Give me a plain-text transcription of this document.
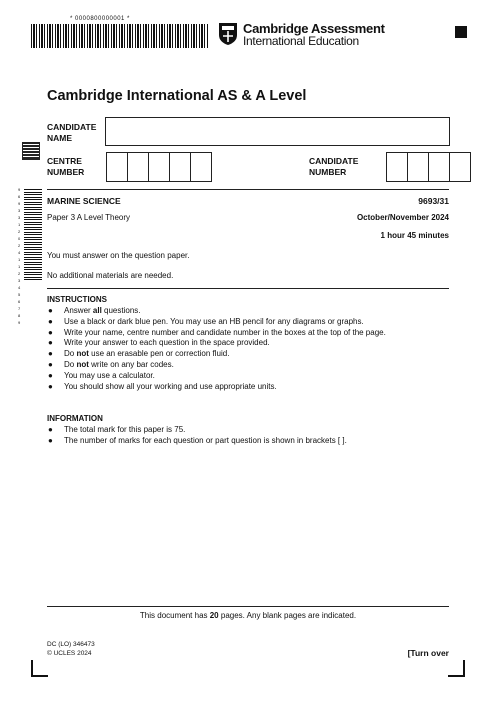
* 0000800000001 *
Cambridge Assessment
International Education
Cambridge International AS & A Level
CANDIDATE NAME
CENTRE NUMBER
CANDIDATE NUMBER
9
6
9
3
3
1
2
0
2
4
1
1
2
3
4
5
6
7
8
9
MARINE SCIENCE	9693/31
Paper 3 A Level Theory	October/November 2024
1 hour 45 minutes
You must answer on the question paper.
No additional materials are needed.
INSTRUCTIONS
● Answer all questions.
● Use a black or dark blue pen. You may use an HB pencil for any diagrams or graphs.
● Write your name, centre number and candidate number in the boxes at the top of the page.
● Write your answer to each question in the space provided.
● Do not use an erasable pen or correction fluid.
● Do not write on any bar codes.
● You may use a calculator.
● You should show all your working and use appropriate units.
INFORMATION
● The total mark for this paper is 75.
● The number of marks for each question or part question is shown in brackets [ ].
This document has 20 pages. Any blank pages are indicated.
DC (LO) 346473
© UCLES 2024	[Turn over
